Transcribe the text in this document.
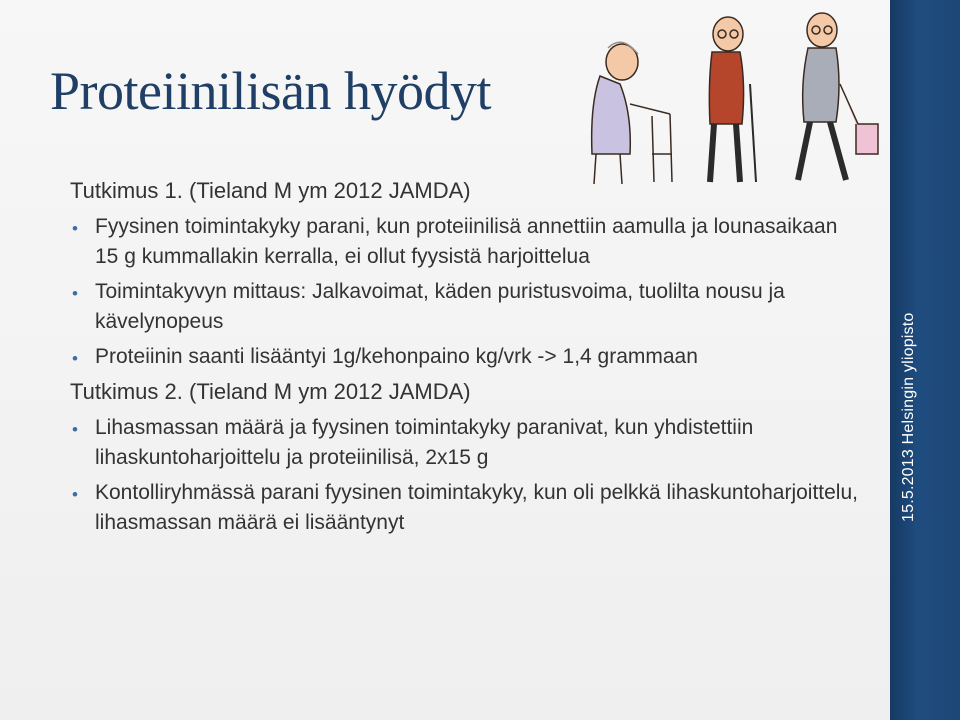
15.5.2013 Helsingin yliopisto
Proteiinilisän hyödyt
Tutkimus 1. (Tieland M ym 2012 JAMDA)
• Fyysinen toimintakyky parani, kun proteiinilisä annettiin aamulla ja lounasaikaan 15 g kummallakin kerralla, ei ollut fyysistä harjoittelua
• Toimintakyvyn mittaus: Jalkavoimat, käden puristusvoima, tuolilta nousu ja kävelynopeus
• Proteiinin saanti lisääntyi 1g/kehonpaino kg/vrk -> 1,4 grammaan
Tutkimus 2. (Tieland M ym 2012 JAMDA)
• Lihasmassan määrä ja fyysinen toimintakyky paranivat, kun yhdistettiin lihaskuntoharjoittelu ja proteiinilisä, 2x15 g
• Kontolliryhmässä parani fyysinen toimintakyky, kun oli pelkkä lihaskuntoharjoittelu, lihasmassan määrä ei lisääntynyt
